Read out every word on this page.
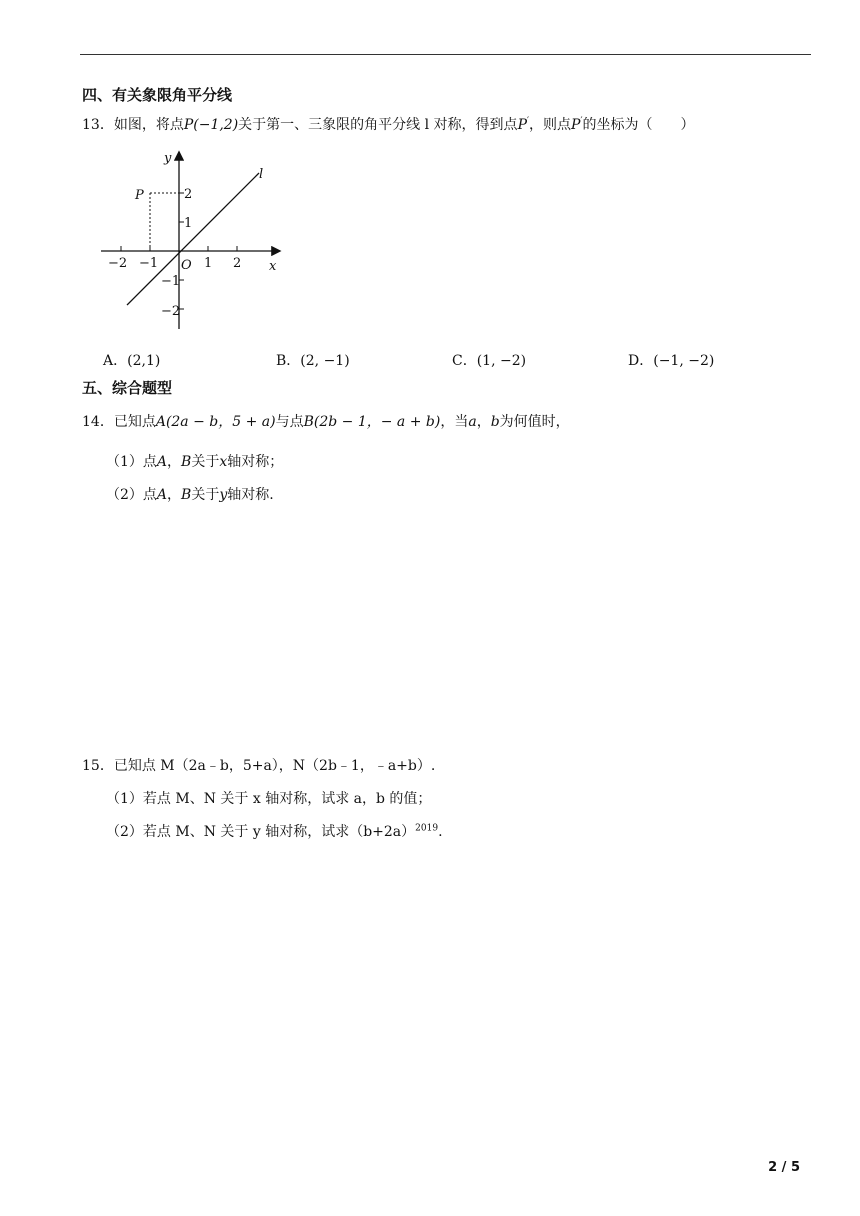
四、有关象限角平分线
13．如图，将点P(−1,2)关于第一、三象限的角平分线 l 对称，得到点P′，则点P′的坐标为（　　）
y
x
O
l
P
−2 −1	1 2
2
1
−1
−2
A．(2,1)	B．(2, −1)	C．(1, −2)	D．(−1, −2)
五、综合题型
14．已知点A(2a − b，5 + a)与点B(2b − 1，− a + b)，当a，b为何值时，
（1）点A，B关于x轴对称；
（2）点A，B关于y轴对称.
15．已知点 M（2a﹣b，5+a），N（2b﹣1，﹣a+b）.
（1）若点 M、N 关于 x 轴对称，试求 a，b 的值；
（2）若点 M、N 关于 y 轴对称，试求$(b+2a)^{2019}$.
2 / 5
